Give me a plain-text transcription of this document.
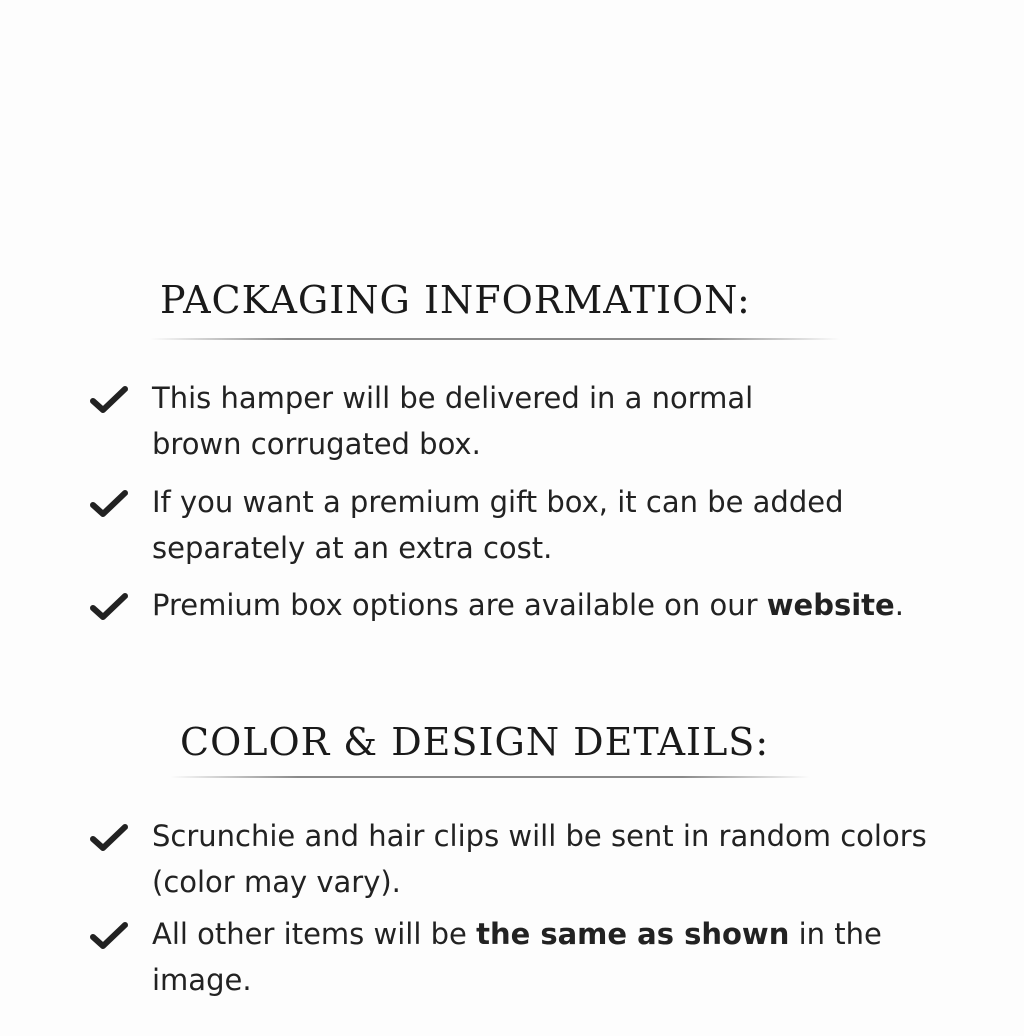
PACKAGING INFORMATION:
This hamper will be delivered in a normal brown corrugated box.
If you want a premium gift box, it can be added separately at an extra cost.
Premium box options are available on our website.
COLOR & DESIGN DETAILS:
Scrunchie and hair clips will be sent in random colors (color may vary).
All other items will be the same as shown in the image.
